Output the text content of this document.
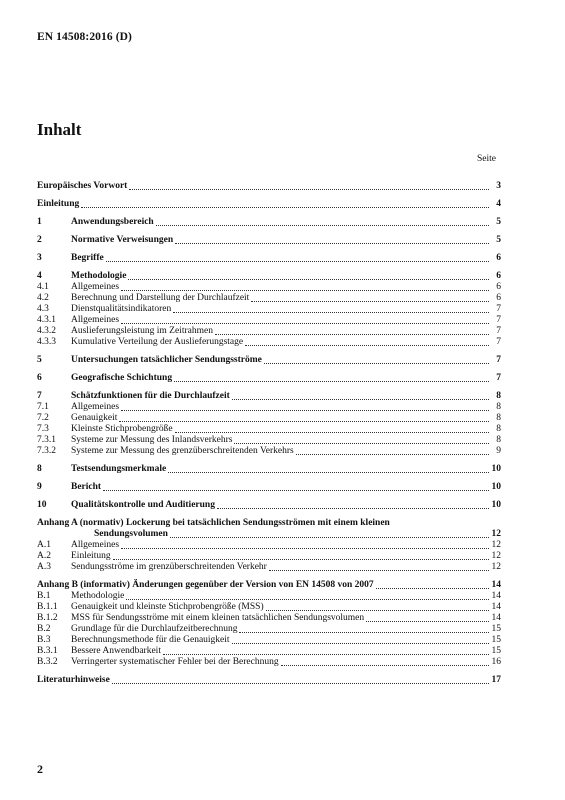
EN 14508:2016 (D)
Inhalt
Seite
Europäisches Vorwort	3
Einleitung	4
1	Anwendungsbereich	5
2	Normative Verweisungen	5
3	Begriffe	6
4	Methodologie	6
4.1	Allgemeines	6
4.2	Berechnung und Darstellung der Durchlaufzeit	6
4.3	Dienstqualitätsindikatoren	7
4.3.1	Allgemeines	7
4.3.2	Auslieferungsleistung im Zeitrahmen	7
4.3.3	Kumulative Verteilung der Auslieferungstage	7
5	Untersuchungen tatsächlicher Sendungsströme	7
6	Geografische Schichtung	7
7	Schätzfunktionen für die Durchlaufzeit	8
7.1	Allgemeines	8
7.2	Genauigkeit	8
7.3	Kleinste Stichprobengröße	8
7.3.1	Systeme zur Messung des Inlandsverkehrs	8
7.3.2	Systeme zur Messung des grenzüberschreitenden Verkehrs	9
8	Testsendungsmerkmale	10
9	Bericht	10
10	Qualitätskontrolle und Auditierung	10
Anhang A (normativ) Lockerung bei tatsächlichen Sendungsströmen mit einem kleinen
Sendungsvolumen	12
A.1	Allgemeines	12
A.2	Einleitung	12
A.3	Sendungsströme im grenzüberschreitenden Verkehr	12
Anhang B (informativ) Änderungen gegenüber der Version von EN 14508 von 2007	14
B.1	Methodologie	14
B.1.1	Genauigkeit und kleinste Stichprobengröße (MSS)	14
B.1.2	MSS für Sendungsströme mit einem kleinen tatsächlichen Sendungsvolumen	14
B.2	Grundlage für die Durchlaufzeitberechnung	15
B.3	Berechnungsmethode für die Genauigkeit	15
B.3.1	Bessere Anwendbarkeit	15
B.3.2	Verringerter systematischer Fehler bei der Berechnung	16
Literaturhinweise	17
2
